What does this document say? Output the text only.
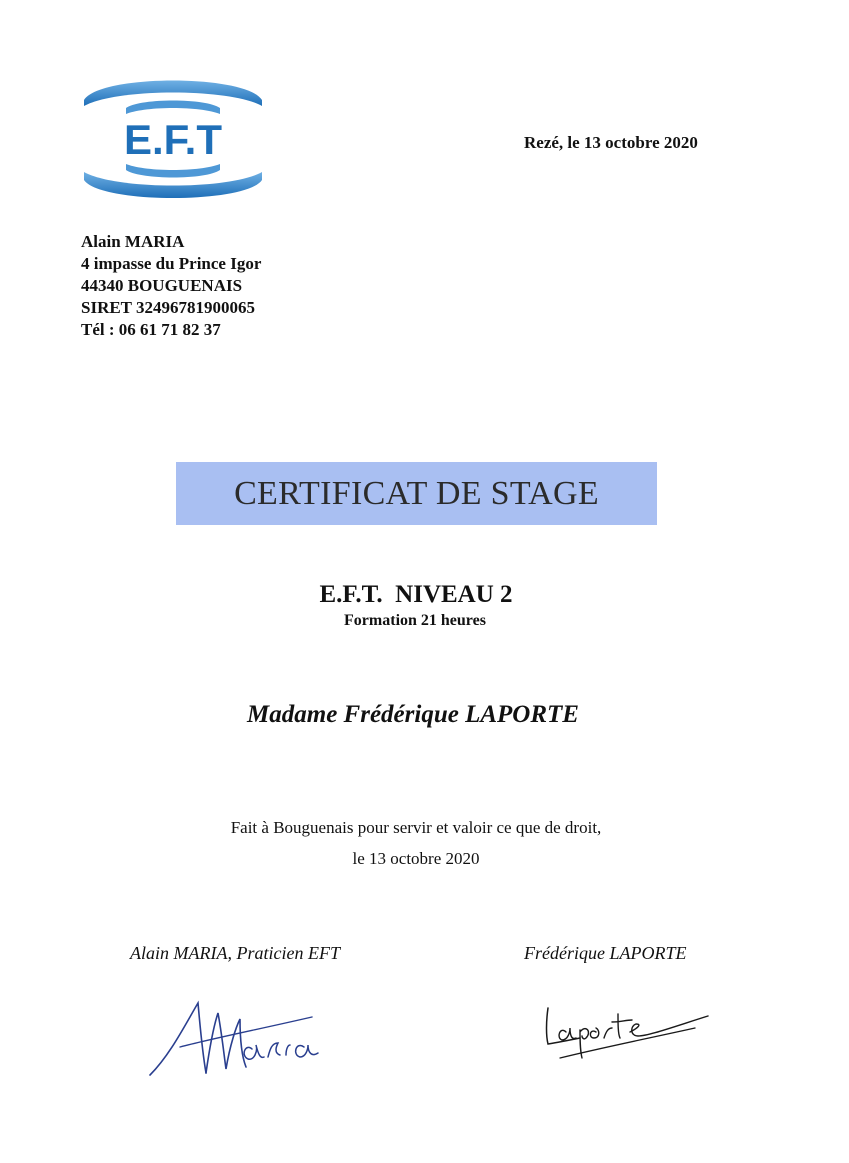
E.F.T	Rezé, le 13 octobre 2020
Alain MARIA
4 impasse du Prince Igor
44340 BOUGUENAIS
SIRET 32496781900065
Tél : 06 61 71 82 37
CERTIFICAT DE STAGE
E.F.T.  NIVEAU 2
Formation 21 heures
Madame Frédérique LAPORTE
Fait à Bouguenais pour servir et valoir ce que de droit,
le 13 octobre 2020
Alain MARIA, Praticien EFT	Frédérique LAPORTE
